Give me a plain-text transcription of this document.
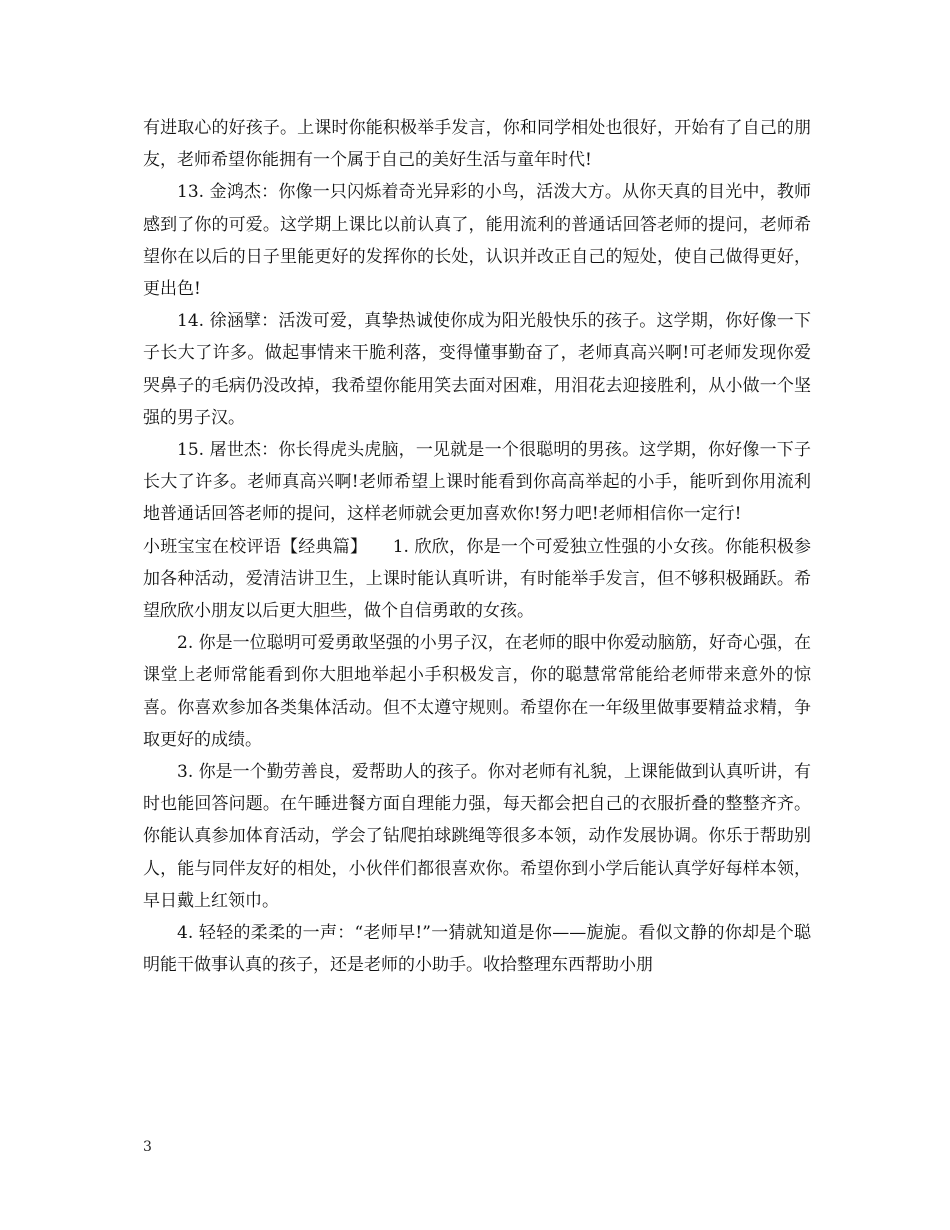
有进取心的好孩子。上课时你能积极举手发言，你和同学相处也很好，开始有了自己的朋友，老师希望你能拥有一个属于自己的美好生活与童年时代!

13. 金鸿杰：你像一只闪烁着奇光异彩的小鸟，活泼大方。从你天真的目光中，教师感到了你的可爱。这学期上课比以前认真了，能用流利的普通话回答老师的提问，老师希望你在以后的日子里能更好的发挥你的长处，认识并改正自己的短处，使自己做得更好，更出色!

14. 徐涵擘：活泼可爱，真挚热诚使你成为阳光般快乐的孩子。这学期，你好像一下子长大了许多。做起事情来干脆利落，变得懂事勤奋了，老师真高兴啊!可老师发现你爱哭鼻子的毛病仍没改掉，我希望你能用笑去面对困难，用泪花去迎接胜利，从小做一个坚强的男子汉。

15. 屠世杰：你长得虎头虎脑，一见就是一个很聪明的男孩。这学期，你好像一下子长大了许多。老师真高兴啊!老师希望上课时能看到你高高举起的小手，能听到你用流利地普通话回答老师的提问，这样老师就会更加喜欢你!努力吧!老师相信你一定行!

小班宝宝在校评语【经典篇】 1. 欣欣，你是一个可爱独立性强的小女孩。你能积极参加各种活动，爱清洁讲卫生，上课时能认真听讲，有时能举手发言，但不够积极踊跃。希望欣欣小朋友以后更大胆些，做个自信勇敢的女孩。

2. 你是一位聪明可爱勇敢坚强的小男子汉，在老师的眼中你爱动脑筋，好奇心强，在课堂上老师常能看到你大胆地举起小手积极发言，你的聪慧常常能给老师带来意外的惊喜。你喜欢参加各类集体活动。但不太遵守规则。希望你在一年级里做事要精益求精，争取更好的成绩。

3. 你是一个勤劳善良，爱帮助人的孩子。你对老师有礼貌，上课能做到认真听讲，有时也能回答问题。在午睡进餐方面自理能力强，每天都会把自己的衣服折叠的整整齐齐。你能认真参加体育活动，学会了钻爬拍球跳绳等很多本领，动作发展协调。你乐于帮助别人，能与同伴友好的相处，小伙伴们都很喜欢你。希望你到小学后能认真学好每样本领，早日戴上红领巾。

4. 轻轻的柔柔的一声：“老师早!”一猜就知道是你——旎旎。看似文静的你却是个聪明能干做事认真的孩子，还是老师的小助手。收拾整理东西帮助小朋

3
